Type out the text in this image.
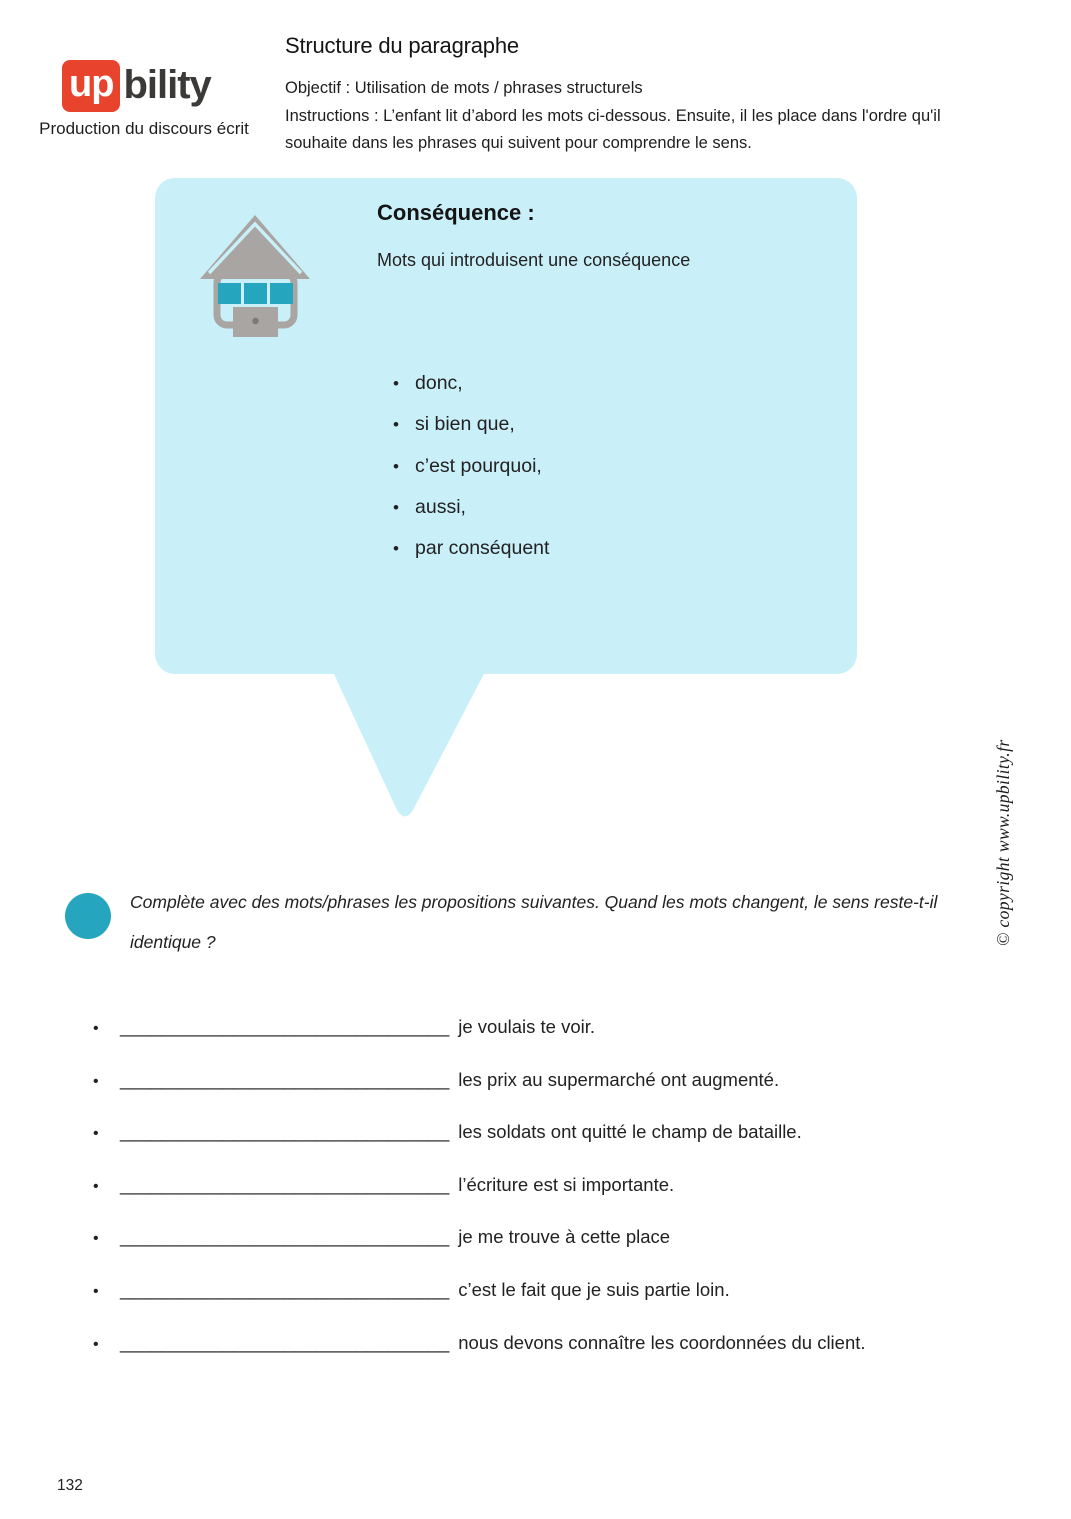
up bility
Production du discours écrit
Structure du paragraphe

Objectif : Utilisation de mots / phrases structurels

Instructions : L’enfant lit d’abord les mots ci-dessous. Ensuite, il les place dans l'ordre qu'il souhaite dans les phrases qui suivent pour comprendre le sens.

Conséquence :
Mots qui introduisent une conséquence
• donc,
• si bien que,
• c’est pourquoi,
• aussi,
• par conséquent
© copyright www.upbility.fr
Complète avec des mots/phrases les propositions suivantes. Quand les mots changent, le sens reste-t-il identique ?
•	________________________________ je voulais te voir.
•	________________________________ les prix au supermarché ont augmenté.
•	________________________________ les soldats ont quitté le champ de bataille.
•	________________________________ l’écriture est si importante.
•	________________________________ je me trouve à cette place
•	________________________________ c’est le fait que je suis partie loin.
•	________________________________ nous devons connaître les coordonnées du client.
132
